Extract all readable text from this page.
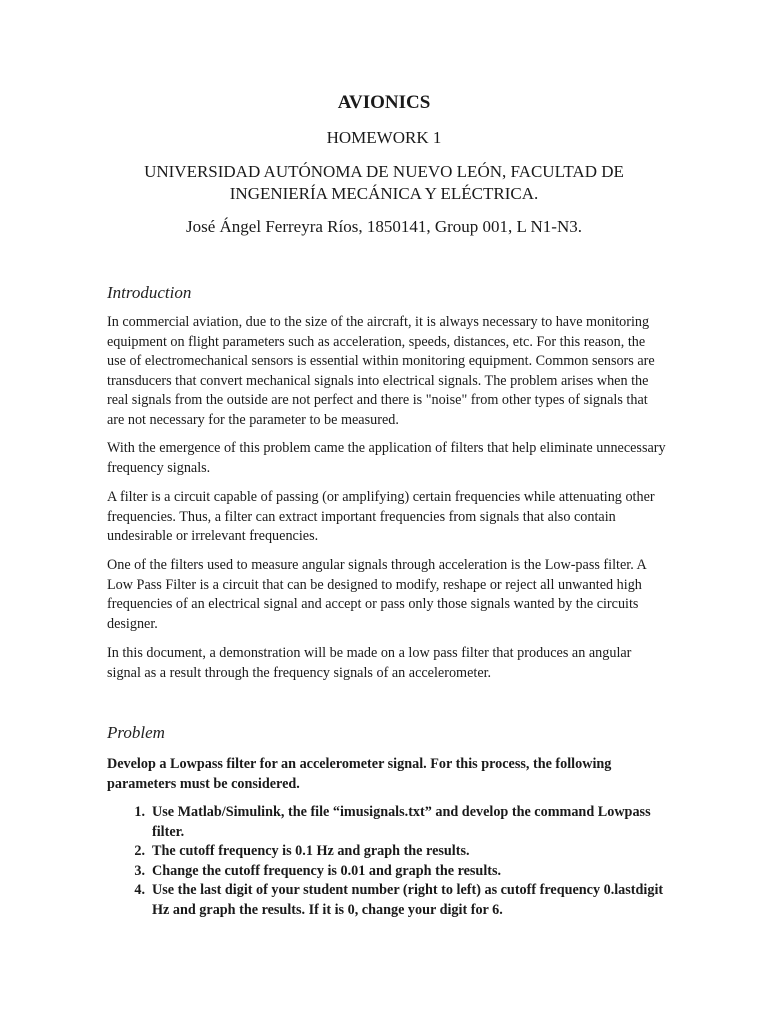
AVIONICS
HOMEWORK 1
UNIVERSIDAD AUTÓNOMA DE NUEVO LEÓN, FACULTAD DE INGENIERÍA MECÁNICA Y ELÉCTRICA.
José Ángel Ferreyra Ríos, 1850141, Group 001, L N1-N3.
Introduction

In commercial aviation, due to the size of the aircraft, it is always necessary to have monitoring equipment on flight parameters such as acceleration, speeds, distances, etc. For this reason, the use of electromechanical sensors is essential within monitoring equipment. Common sensors are transducers that convert mechanical signals into electrical signals. The problem arises when the real signals from the outside are not perfect and there is "noise" from other types of signals that are not necessary for the parameter to be measured.

With the emergence of this problem came the application of filters that help eliminate unnecessary frequency signals.

A filter is a circuit capable of passing (or amplifying) certain frequencies while attenuating other frequencies. Thus, a filter can extract important frequencies from signals that also contain undesirable or irrelevant frequencies.

One of the filters used to measure angular signals through acceleration is the Low-pass filter. A Low Pass Filter is a circuit that can be designed to modify, reshape or reject all unwanted high frequencies of an electrical signal and accept or pass only those signals wanted by the circuits designer.

In this document, a demonstration will be made on a low pass filter that produces an angular signal as a result through the frequency signals of an accelerometer.

Problem

Develop a Lowpass filter for an accelerometer signal. For this process, the following parameters must be considered.

1. Use Matlab/Simulink, the file “imusignals.txt” and develop the command Lowpass filter.
2. The cutoff frequency is 0.1 Hz and graph the results.
3. Change the cutoff frequency is 0.01 and graph the results.
4. Use the last digit of your student number (right to left) as cutoff frequency 0.lastdigit Hz and graph the results. If it is 0, change your digit for 6.
